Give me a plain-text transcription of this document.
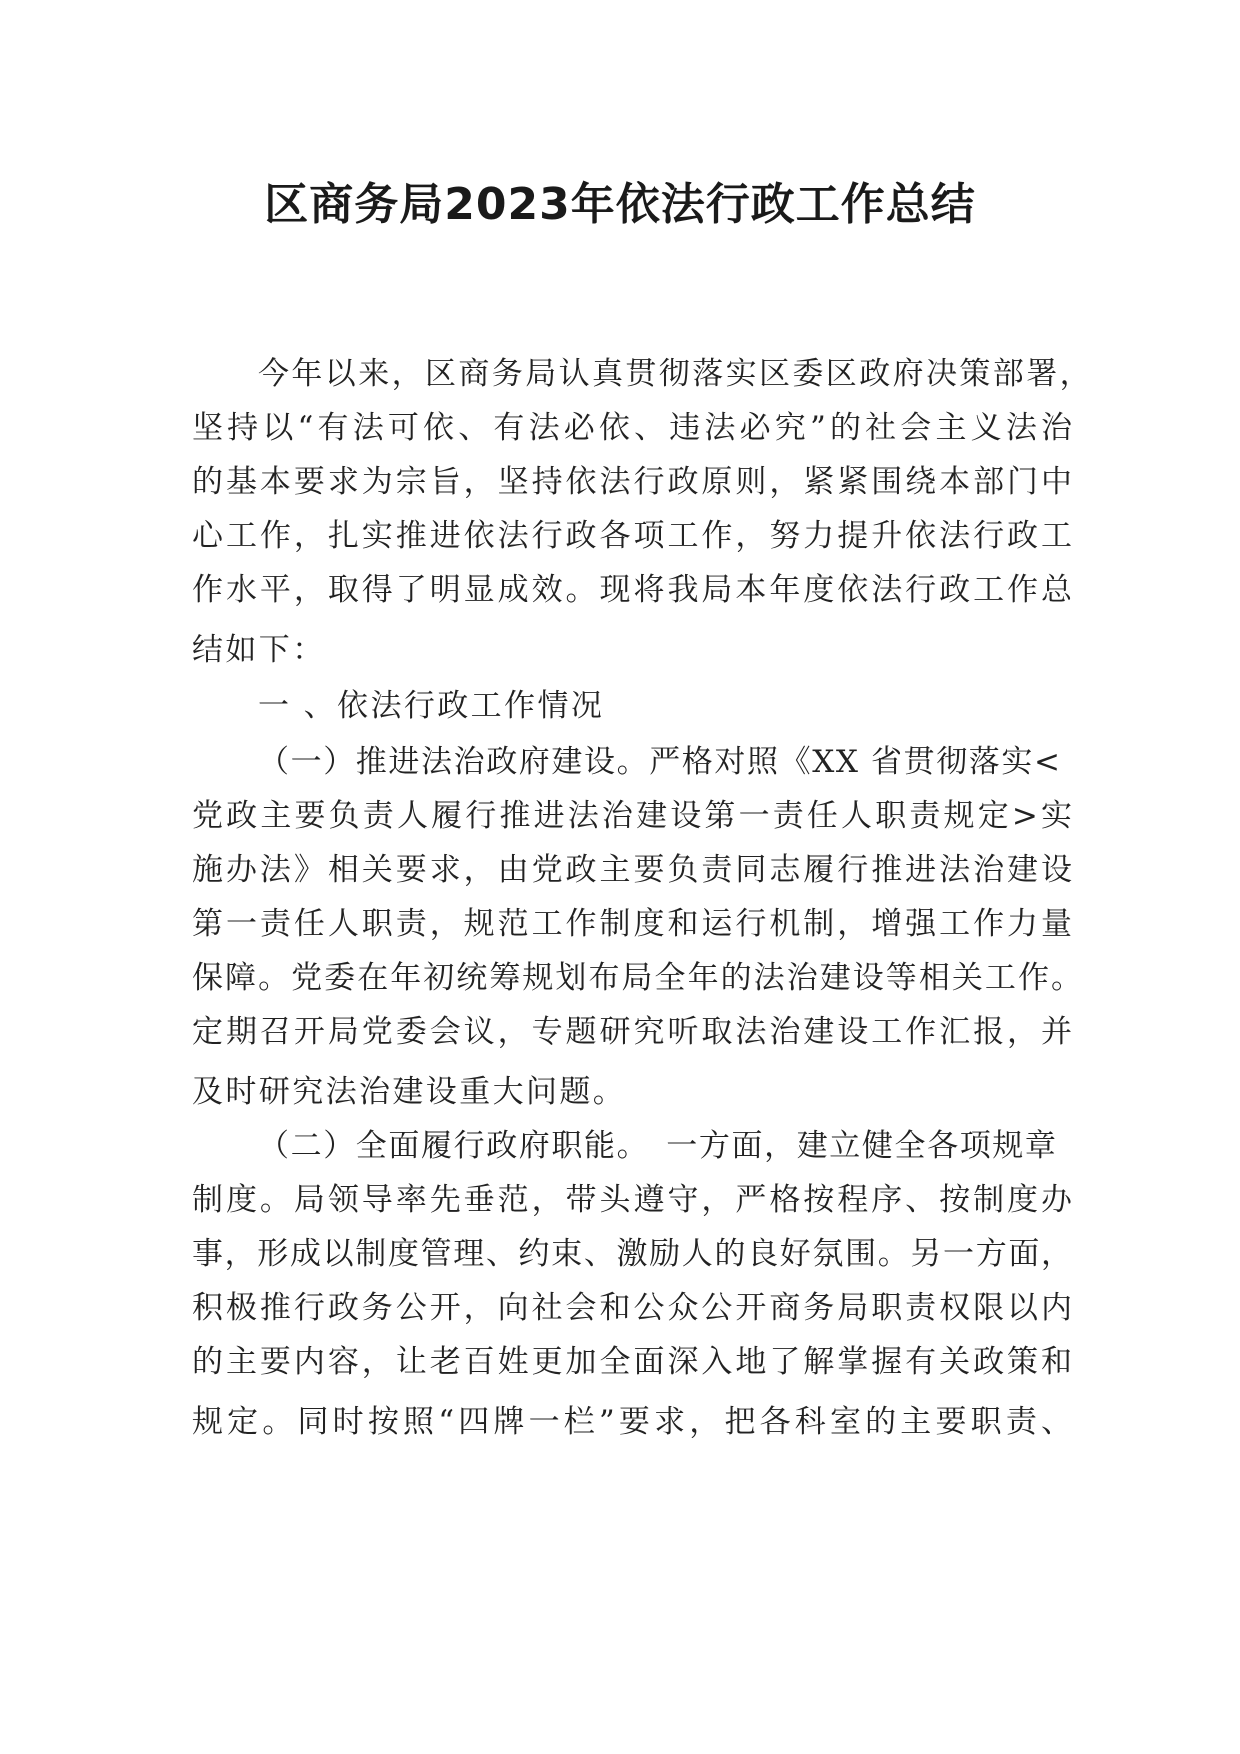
区商务局2023年依法行政工作总结
今年以来，区商务局认真贯彻落实区委区政府决策部署，
坚持以“有法可依、有法必依、违法必究”的社会主义法治
的基本要求为宗旨，坚持依法行政原则，紧紧围绕本部门中
心工作，扎实推进依法行政各项工作，努力提升依法行政工
作水平，取得了明显成效。现将我局本年度依法行政工作总
结如下：
一 、依法行政工作情况
（一）推进法治政府建设。严格对照《XX 省贯彻落实<
党政主要负责人履行推进法治建设第一责任人职责规定>实
施办法》相关要求，由党政主要负责同志履行推进法治建设
第一责任人职责，规范工作制度和运行机制，增强工作力量
保障。党委在年初统筹规划布局全年的法治建设等相关工作。
定期召开局党委会议，专题研究听取法治建设工作汇报，并
及时研究法治建设重大问题。
（二）全面履行政府职能。　一方面，建立健全各项规章
制度。局领导率先垂范，带头遵守，严格按程序、按制度办
事，形成以制度管理、约束、激励人的良好氛围。另一方面，
积极推行政务公开，向社会和公众公开商务局职责权限以内
的主要内容，让老百姓更加全面深入地了解掌握有关政策和
规定。同时按照“四牌一栏”要求，把各科室的主要职责、
